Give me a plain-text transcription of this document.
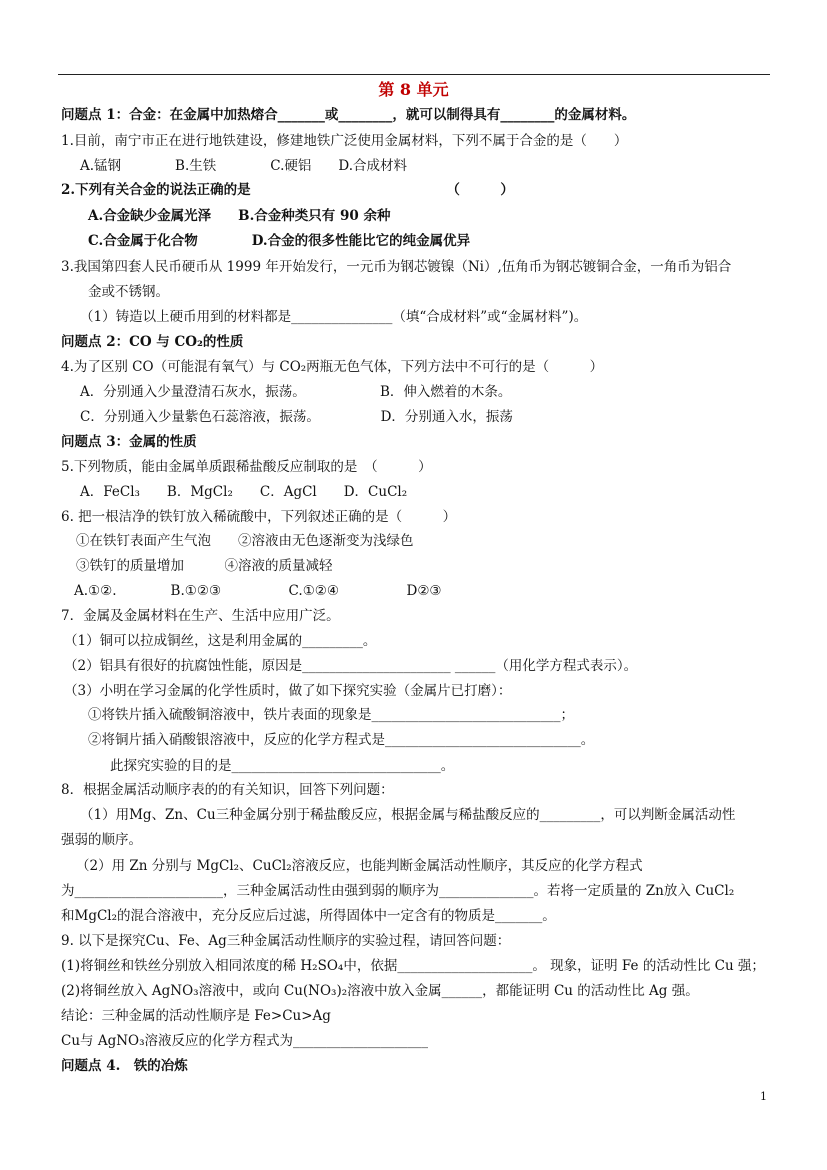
第 8 单元
问题点 1：合金：在金属中加热熔合_______或________，就可以制得具有________的金属材料。
1.目前，南宁市正在进行地铁建设，修建地铁广泛使用金属材料，下列不属于合金的是（　　）
A.锰钢　　　　B.生铁　　　　C.硬铝　　D.合成材料
2.下列有关合金的说法正确的是　　　　　　　　　　　　　　　（　　　）
A.合金缺少金属光泽　　B.合金种类只有 90 余种
C.合金属于化合物　　　　D.合金的很多性能比它的纯金属优异
3.我国第四套人民币硬币从 1999 年开始发行，一元币为钢芯镀镍（Ni）,伍角币为钢芯镀铜合金，一角币为铝合
金或不锈钢。
（1）铸造以上硬币用到的材料都是_______________（填“合成材料”或“金属材料”)。
问题点 2：CO 与 CO₂的性质
4.为了区别 CO（可能混有氧气）与 CO₂两瓶无色气体，下列方法中不可行的是（　　　）
A．分别通入少量澄清石灰水，振荡。　　　　　　B．伸入燃着的木条。
C．分别通入少量紫色石蕊溶液，振荡。　　　　　D．分别通入水，振荡
问题点 3：金属的性质
5.下列物质，能由金属单质跟稀盐酸反应制取的是　（　　　）
A．FeCl₃　　B．MgCl₂　　C．AgCl　　D．CuCl₂
6. 把一根洁净的铁钉放入稀硫酸中，下列叙述正确的是（　　　）
①在铁钉表面产生气泡　　②溶液由无色逐渐变为浅绿色
③铁钉的质量增加　　　④溶液的质量减轻
A.①②.　　　　B.①②③　　　　　C.①②④　　　　　D②③
7．金属及金属材料在生产、生活中应用广泛。
（1）铜可以拉成铜丝，这是利用金属的_________。
（2）铝具有很好的抗腐蚀性能，原因是______________________ ______（用化学方程式表示）。
（3）小明在学习金属的化学性质时，做了如下探究实验（金属片已打磨）：
①将铁片插入硫酸铜溶液中，铁片表面的现象是____________________________；
②将铜片插入硝酸银溶液中，反应的化学方程式是_____________________________。
此探究实验的目的是_______________________________。
8．根据金属活动顺序表的的有关知识，回答下列问题：
（1）用Mg、Zn、Cu三种金属分别于稀盐酸反应，根据金属与稀盐酸反应的_________，可以判断金属活动性
强弱的顺序。
（2）用 Zn 分别与 MgCl₂、CuCl₂溶液反应，也能判断金属活动性顺序，其反应的化学方程式
为______________________，三种金属活动性由强到弱的顺序为______________。若将一定质量的 Zn放入 CuCl₂
和MgCl₂的混合溶液中，充分反应后过滤，所得固体中一定含有的物质是_______。
9. 以下是探究Cu、Fe、Ag三种金属活动性顺序的实验过程，请回答问题：
(1)将铜丝和铁丝分别放入相同浓度的稀 H₂SO₄中，依据____________________。 现象，证明 Fe 的活动性比 Cu 强；
(2)将铜丝放入 AgNO₃溶液中，或向 Cu(NO₃)₂溶液中放入金属______，都能证明 Cu 的活动性比 Ag 强。
结论：三种金属的活动性顺序是 Fe>Cu>Ag
Cu与 AgNO₃溶液反应的化学方程式为____________________
问题点 4.　铁的冶炼
1
